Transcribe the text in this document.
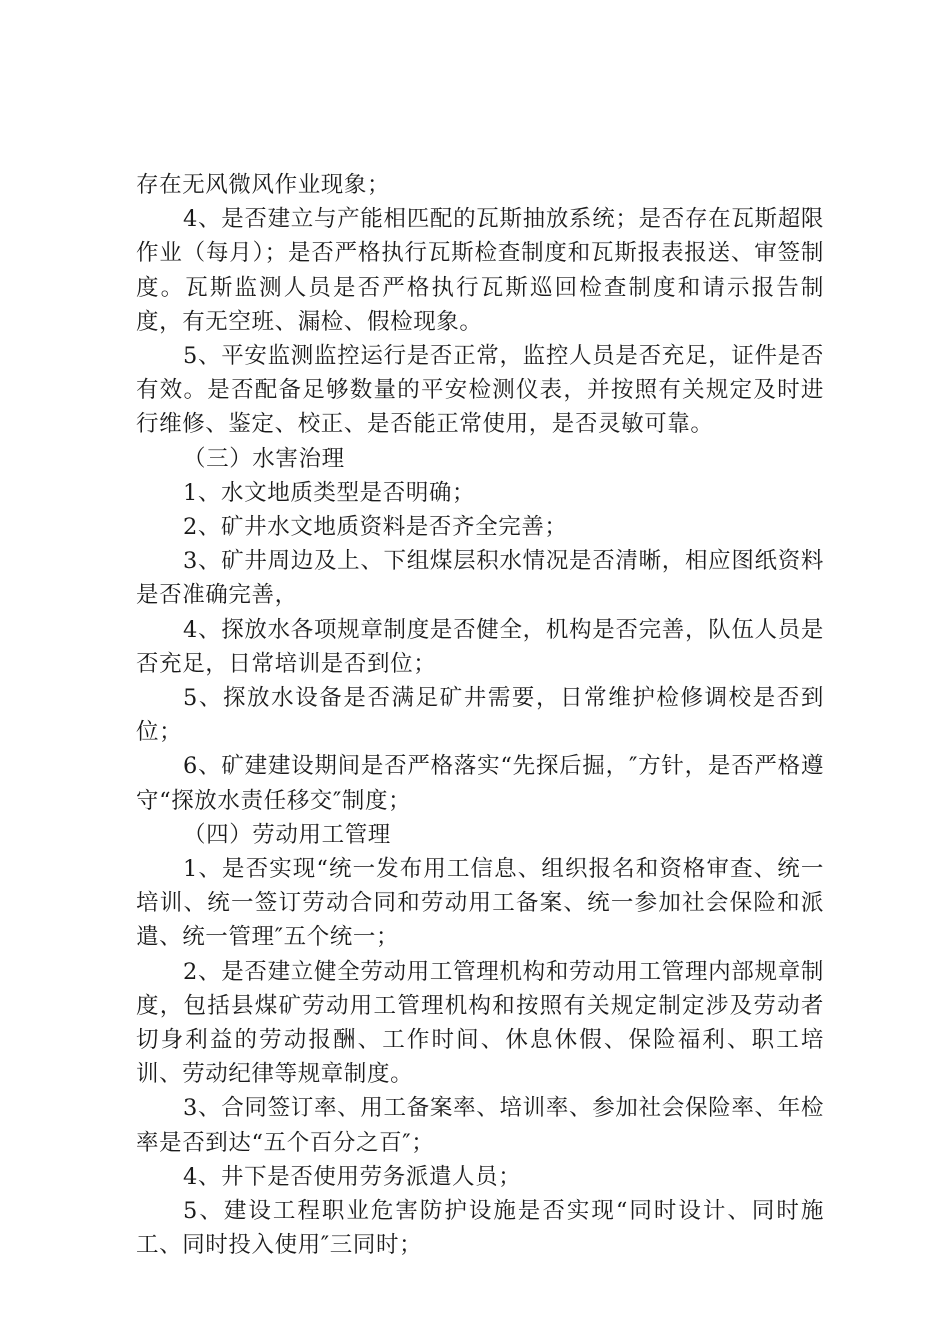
存在无风微风作业现象；

4、是否建立与产能相匹配的瓦斯抽放系统；是否存在瓦斯超限作业（每月）；是否严格执行瓦斯检查制度和瓦斯报表报送、审签制度。瓦斯监测人员是否严格执行瓦斯巡回检查制度和请示报告制度，有无空班、漏检、假检现象。

5、平安监测监控运行是否正常，监控人员是否充足，证件是否有效。是否配备足够数量的平安检测仪表，并按照有关规定及时进行维修、鉴定、校正、是否能正常使用，是否灵敏可靠。

（三）水害治理

1、水文地质类型是否明确；

2、矿井水文地质资料是否齐全完善；

3、矿井周边及上、下组煤层积水情况是否清晰，相应图纸资料是否准确完善，

4、探放水各项规章制度是否健全，机构是否完善，队伍人员是否充足，日常培训是否到位；

5、探放水设备是否满足矿井需要，日常维护检修调校是否到位；

6、矿建建设期间是否严格落实“先探后掘，″方针，是否严格遵守“探放水责任移交″制度；

（四）劳动用工管理

1、是否实现“统一发布用工信息、组织报名和资格审查、统一培训、统一签订劳动合同和劳动用工备案、统一参加社会保险和派遣、统一管理″五个统一；

2、是否建立健全劳动用工管理机构和劳动用工管理内部规章制度，包括县煤矿劳动用工管理机构和按照有关规定制定涉及劳动者切身利益的劳动报酬、工作时间、休息休假、保险福利、职工培训、劳动纪律等规章制度。

3、合同签订率、用工备案率、培训率、参加社会保险率、年检率是否到达“五个百分之百″；

4、井下是否使用劳务派遣人员；

5、建设工程职业危害防护设施是否实现“同时设计、同时施工、同时投入使用″三同时；
